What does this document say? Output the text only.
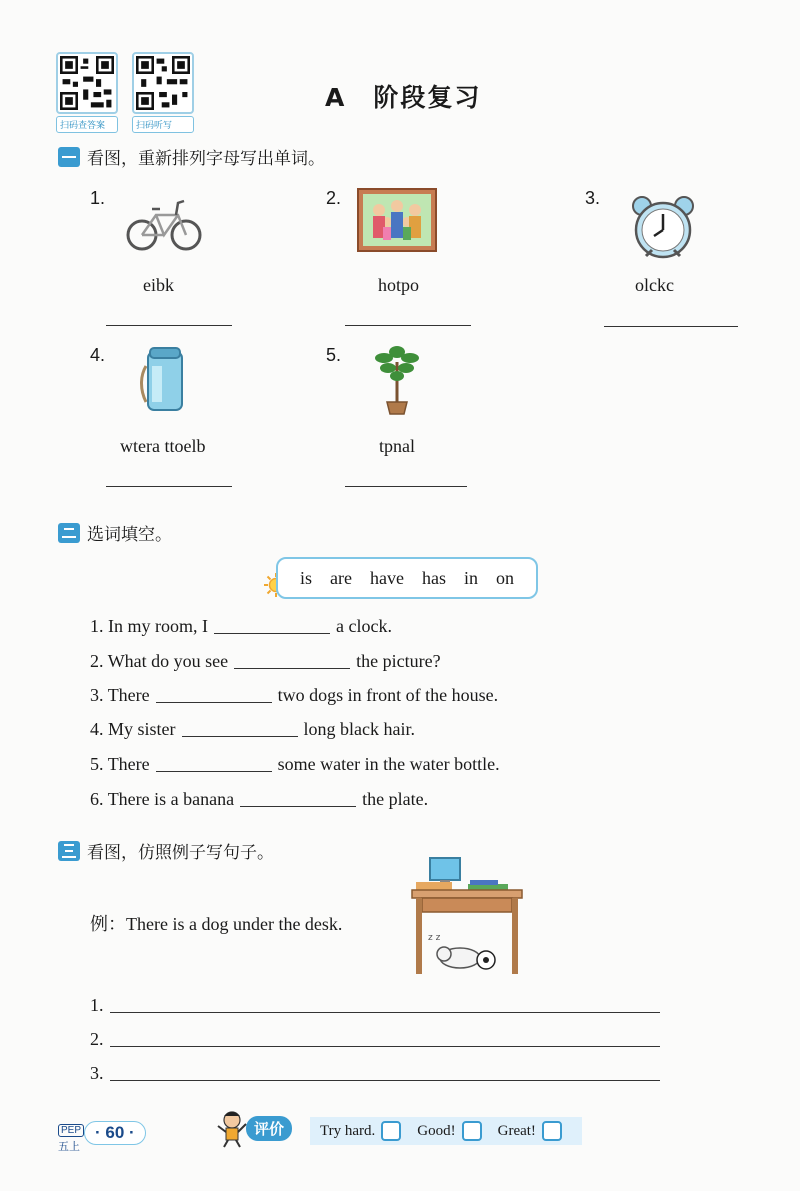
扫码查答案	扫码听写
A　阶段复习
看图，重新排列字母写出单词。
1.
eibk
2.
hotpo
3.
olckc
4.
wtera ttoelb
5.
tpnal
选词填空。
is are have has in on
1. In my room, I	a clock.
2. What do you see	the picture?
3. There	two dogs in front of the house.
4. My sister	long black hair.
5. There	some water in the water bottle.
6. There is a banana	the plate.
看图，仿照例子写句子。
例：There is a dog under the desk.
z z
1.
2.
3.
PEP
五上
· 60 ·	评价	Try hard.	Good!	Great!
